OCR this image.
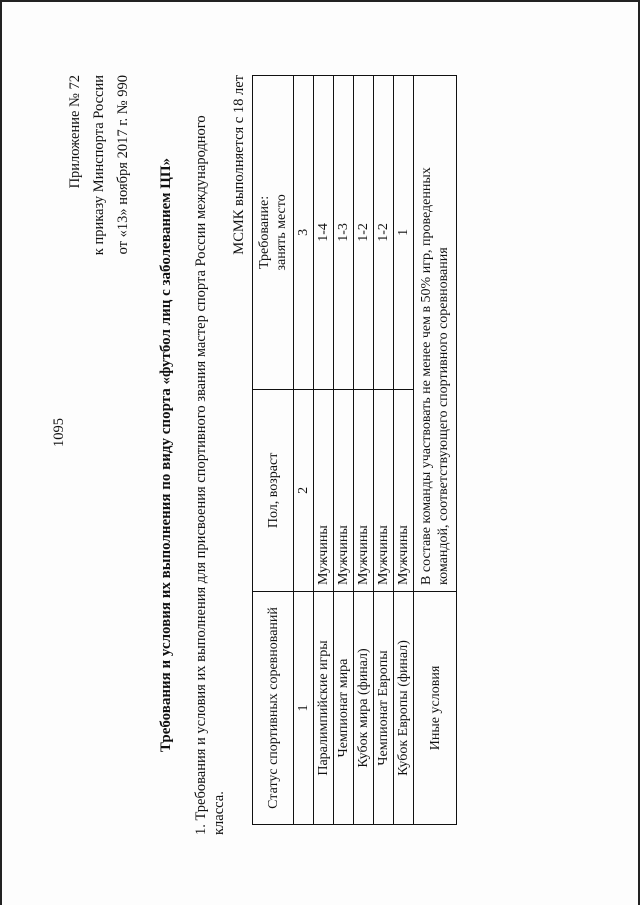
1095
Приложение № 72 к приказу Минспорта России от «13» ноября 2017 г. № 990 Требования и условия их выполнения по виду спорта «футбол лиц с заболеванием ЦП» 1. Требования и условия их выполнения для присвоения спортивного звания мастер спорта России международного класса.
МСМК выполняется с 18 лет
Статус спортивных соревнований	Пол, возраст	Требование: занять место

1	2	3
Паралимпийские игры	Мужчины	1-4
Чемпионат мира	Мужчины	1-3
Кубок мира (финал)	Мужчины	1-2
Чемпионат Европы	Мужчины	1-2
Кубок Европы (финал)	Мужчины	1
Иные условия	В составе команды участвовать не менее чем в 50% игр, проведенных командой, соответствующего спортивного соревнования	
